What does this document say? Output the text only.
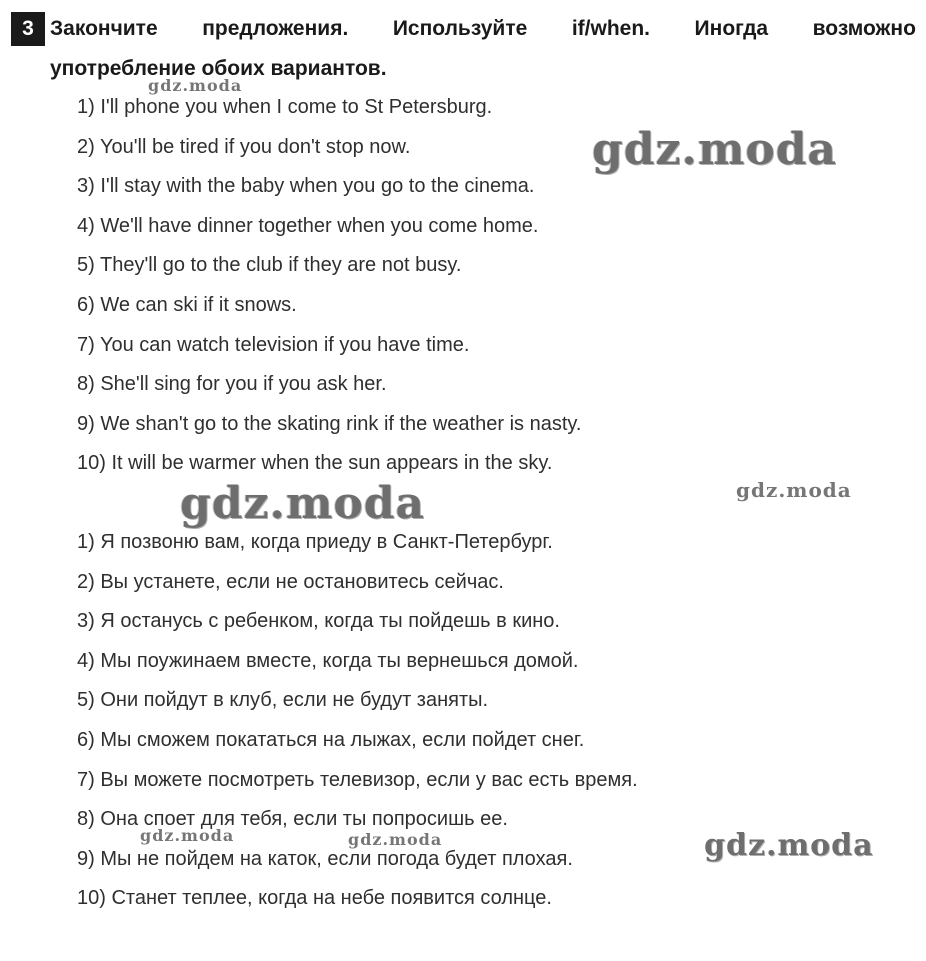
3 Закончите предложения. Используйте if/when. Иногда возможно
употребление обоих вариантов.
1) I'll phone you when I come to St Petersburg.
2) You'll be tired if you don't stop now.
3) I'll stay with the baby when you go to the cinema.
4) We'll have dinner together when you come home.
5) They'll go to the club if they are not busy.
6) We can ski if it snows.
7) You can watch television if you have time.
8) She'll sing for you if you ask her.
9) We shan't go to the skating rink if the weather is nasty.
10) It will be warmer when the sun appears in the sky.
1) Я позвоню вам, когда приеду в Санкт-Петербург.
2) Вы устанете, если не остановитесь сейчас.
3) Я останусь с ребенком, когда ты пойдешь в кино.
4) Мы поужинаем вместе, когда ты вернешься домой.
5) Они пойдут в клуб, если не будут заняты.
6) Мы сможем покататься на лыжах, если пойдет снег.
7) Вы можете посмотреть телевизор, если у вас есть время.
8) Она споет для тебя, если ты попросишь ее.
9) Мы не пойдем на каток, если погода будет плохая.
10) Станет теплее, когда на небе появится солнце.
gdz.moda
gdz.moda
gdz.moda	gdz.moda
gdz.moda	gdz.moda	gdz.moda
